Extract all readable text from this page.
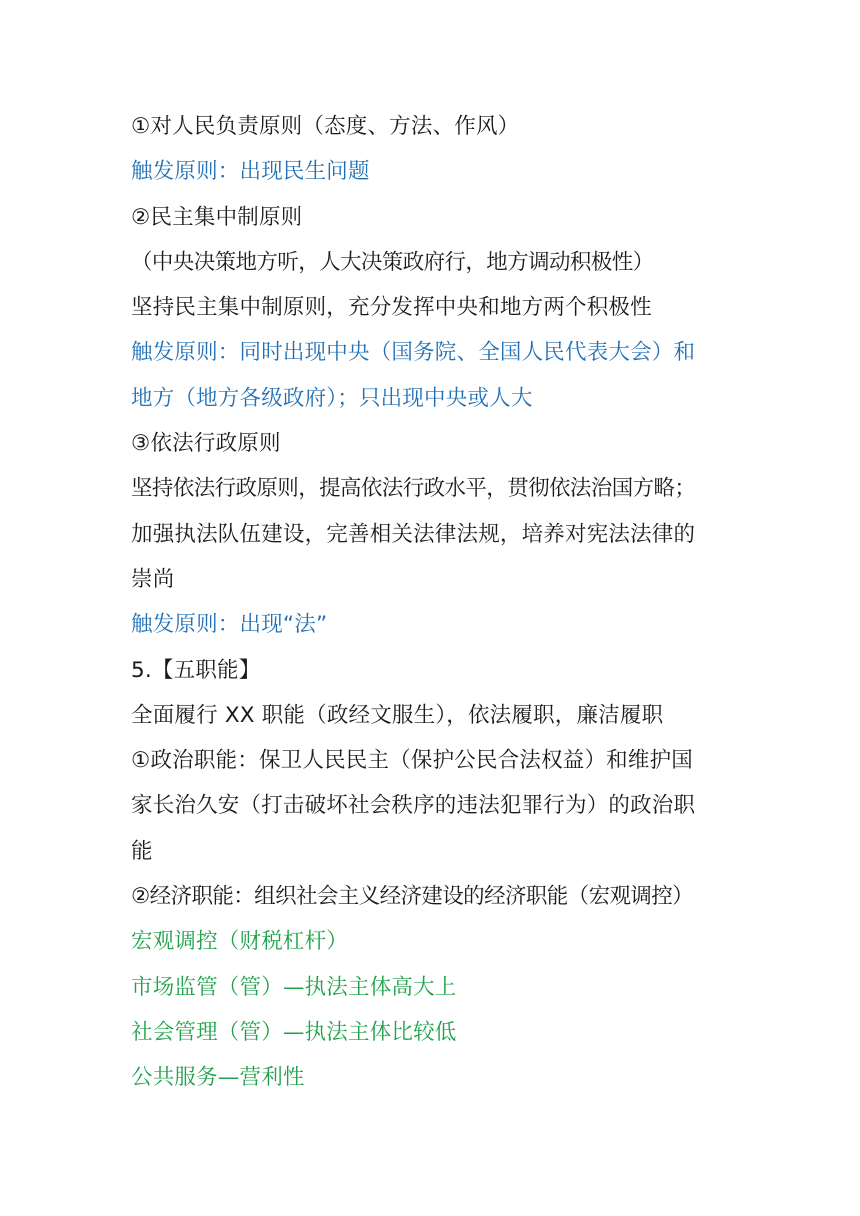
①对人民负责原则（态度、方法、作风）
触发原则：出现民生问题
②民主集中制原则
（中央决策地方听，人大决策政府行，地方调动积极性）
坚持民主集中制原则，充分发挥中央和地方两个积极性
触发原则：同时出现中央（国务院、全国人民代表大会）和
地方（地方各级政府）；只出现中央或人大
③依法行政原则
坚持依法行政原则，提高依法行政水平，贯彻依法治国方略；
加强执法队伍建设，完善相关法律法规，培养对宪法法律的
崇尚
触发原则：出现“法”
5.【五职能】
全面履行 XX 职能（政经文服生），依法履职，廉洁履职
①政治职能：保卫人民民主（保护公民合法权益）和维护国
家长治久安（打击破坏社会秩序的违法犯罪行为）的政治职
能
②经济职能：组织社会主义经济建设的经济职能（宏观调控）
宏观调控（财税杠杆）
市场监管（管）—执法主体高大上
社会管理（管）—执法主体比较低
公共服务—营利性
